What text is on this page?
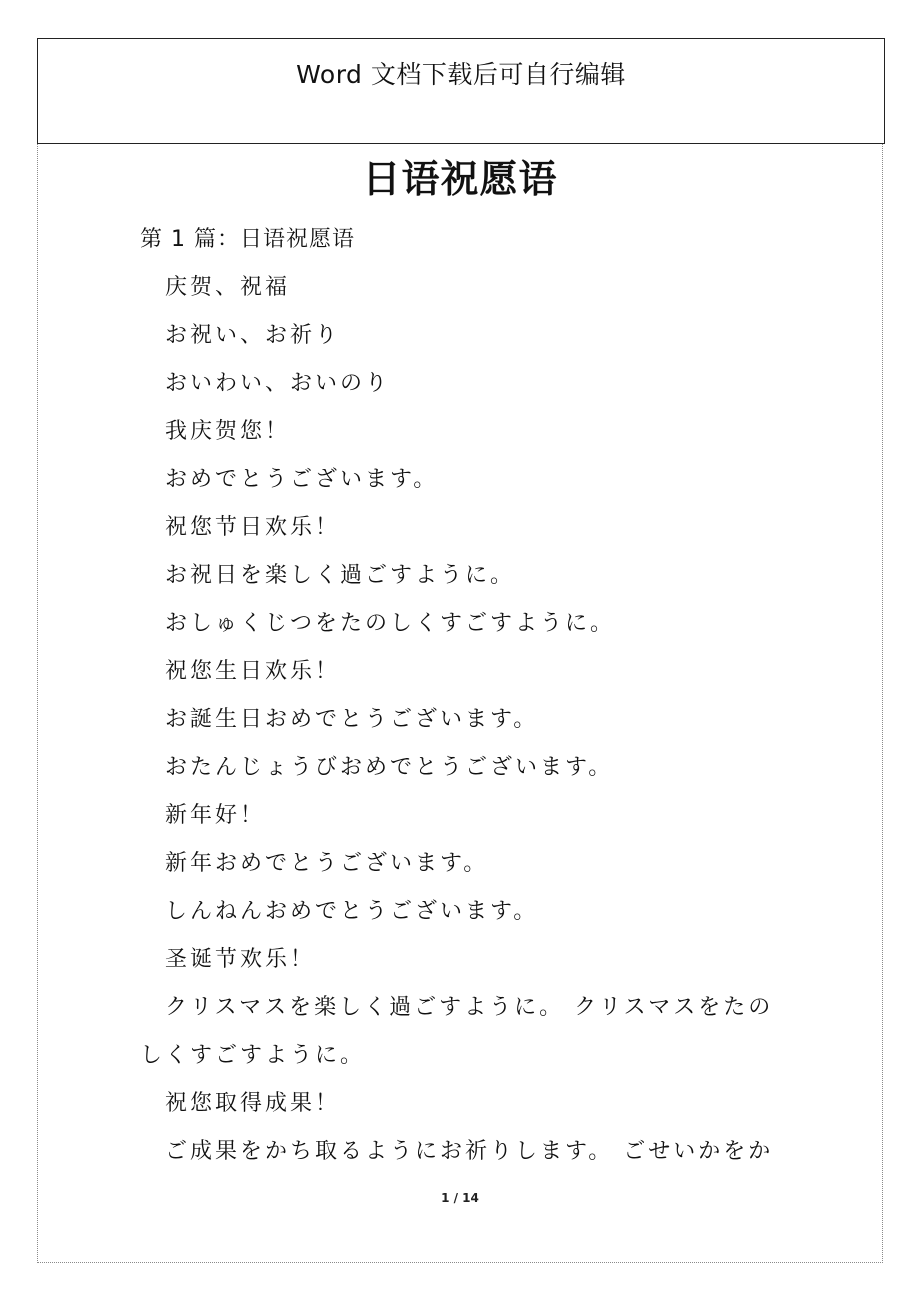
Word 文档下载后可自行编辑
日语祝愿语
第 1 篇：日语祝愿语
庆贺、祝福
お祝い、お祈り
おいわい、おいのり
我庆贺您！
おめでとうございます。
祝您节日欢乐！
お祝日を楽しく過ごすように。
おしゅくじつをたのしくすごすように。
祝您生日欢乐！
お誕生日おめでとうございます。
おたんじょうびおめでとうございます。
新年好！
新年おめでとうございます。
しんねんおめでとうございます。
圣诞节欢乐！
クリスマスを楽しく過ごすように。 クリスマスをたの
しくすごすように。
祝您取得成果！
ご成果をかち取るようにお祈りします。 ごせいかをか
1 / 14
